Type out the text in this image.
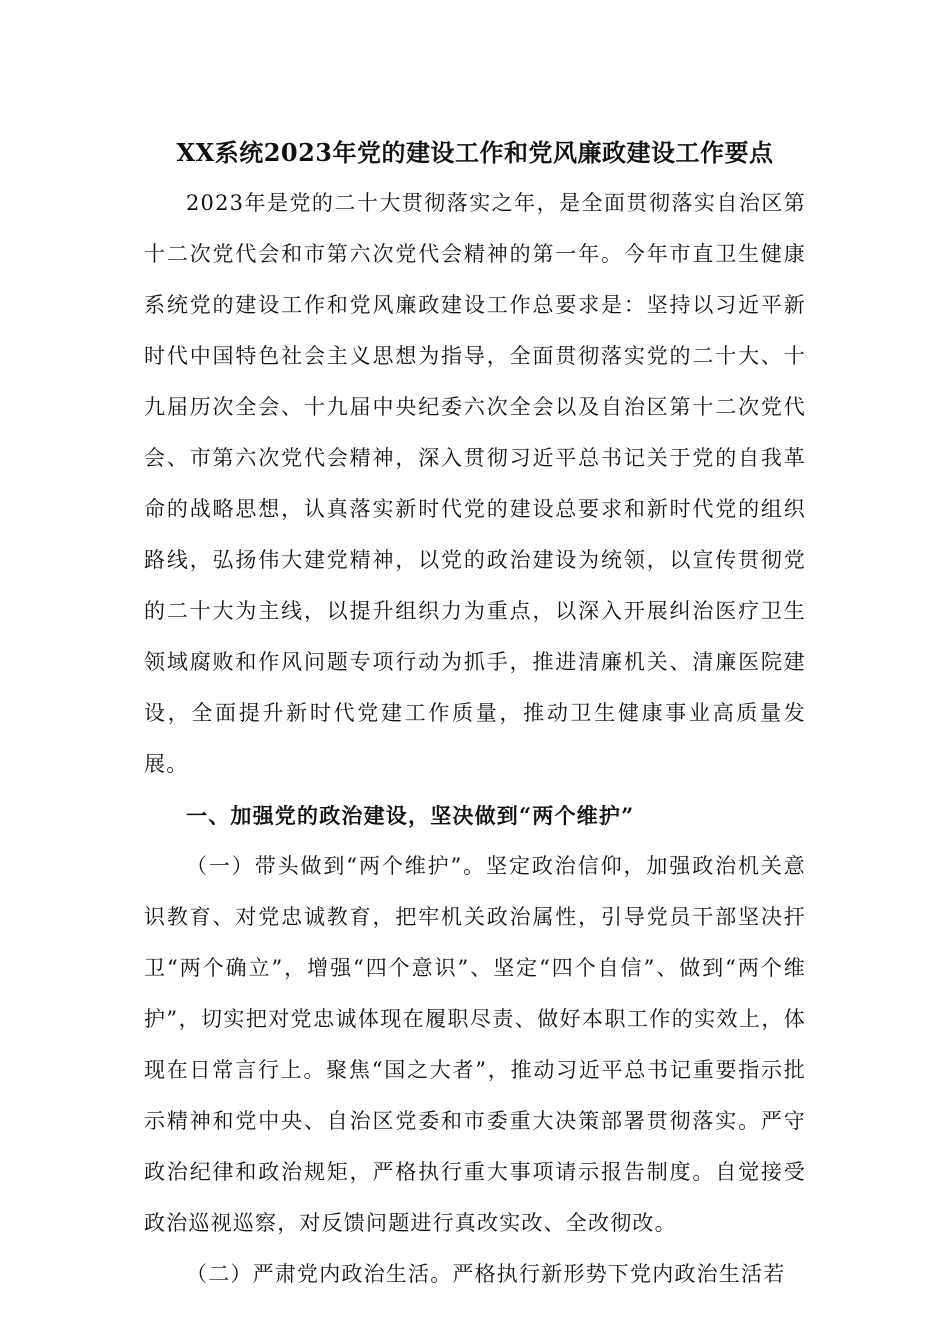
XX系统2023年党的建设工作和党风廉政建设工作要点

2023年是党的二十大贯彻落实之年，是全面贯彻落实自治区第十二次党代会和市第六次党代会精神的第一年。今年市直卫生健康系统党的建设工作和党风廉政建设工作总要求是：坚持以习近平新时代中国特色社会主义思想为指导，全面贯彻落实党的二十大、十九届历次全会、十九届中央纪委六次全会以及自治区第十二次党代会、市第六次党代会精神，深入贯彻习近平总书记关于党的自我革命的战略思想，认真落实新时代党的建设总要求和新时代党的组织路线，弘扬伟大建党精神，以党的政治建设为统领，以宣传贯彻党的二十大为主线，以提升组织力为重点，以深入开展纠治医疗卫生领域腐败和作风问题专项行动为抓手，推进清廉机关、清廉医院建设，全面提升新时代党建工作质量，推动卫生健康事业高质量发展。

一、加强党的政治建设，坚决做到“两个维护”

（一）带头做到“两个维护”。坚定政治信仰，加强政治机关意识教育、对党忠诚教育，把牢机关政治属性，引导党员干部坚决扞卫“两个确立”，增强“四个意识”、坚定“四个自信”、做到“两个维护”，切实把对党忠诚体现在履职尽责、做好本职工作的实效上，体现在日常言行上。聚焦“国之大者”，推动习近平总书记重要指示批示精神和党中央、自治区党委和市委重大决策部署贯彻落实。严守政治纪律和政治规矩，严格执行重大事项请示报告制度。自觉接受政治巡视巡察，对反馈问题进行真改实改、全改彻改。

（二）严肃党内政治生活。严格执行新形势下党内政治生活若
